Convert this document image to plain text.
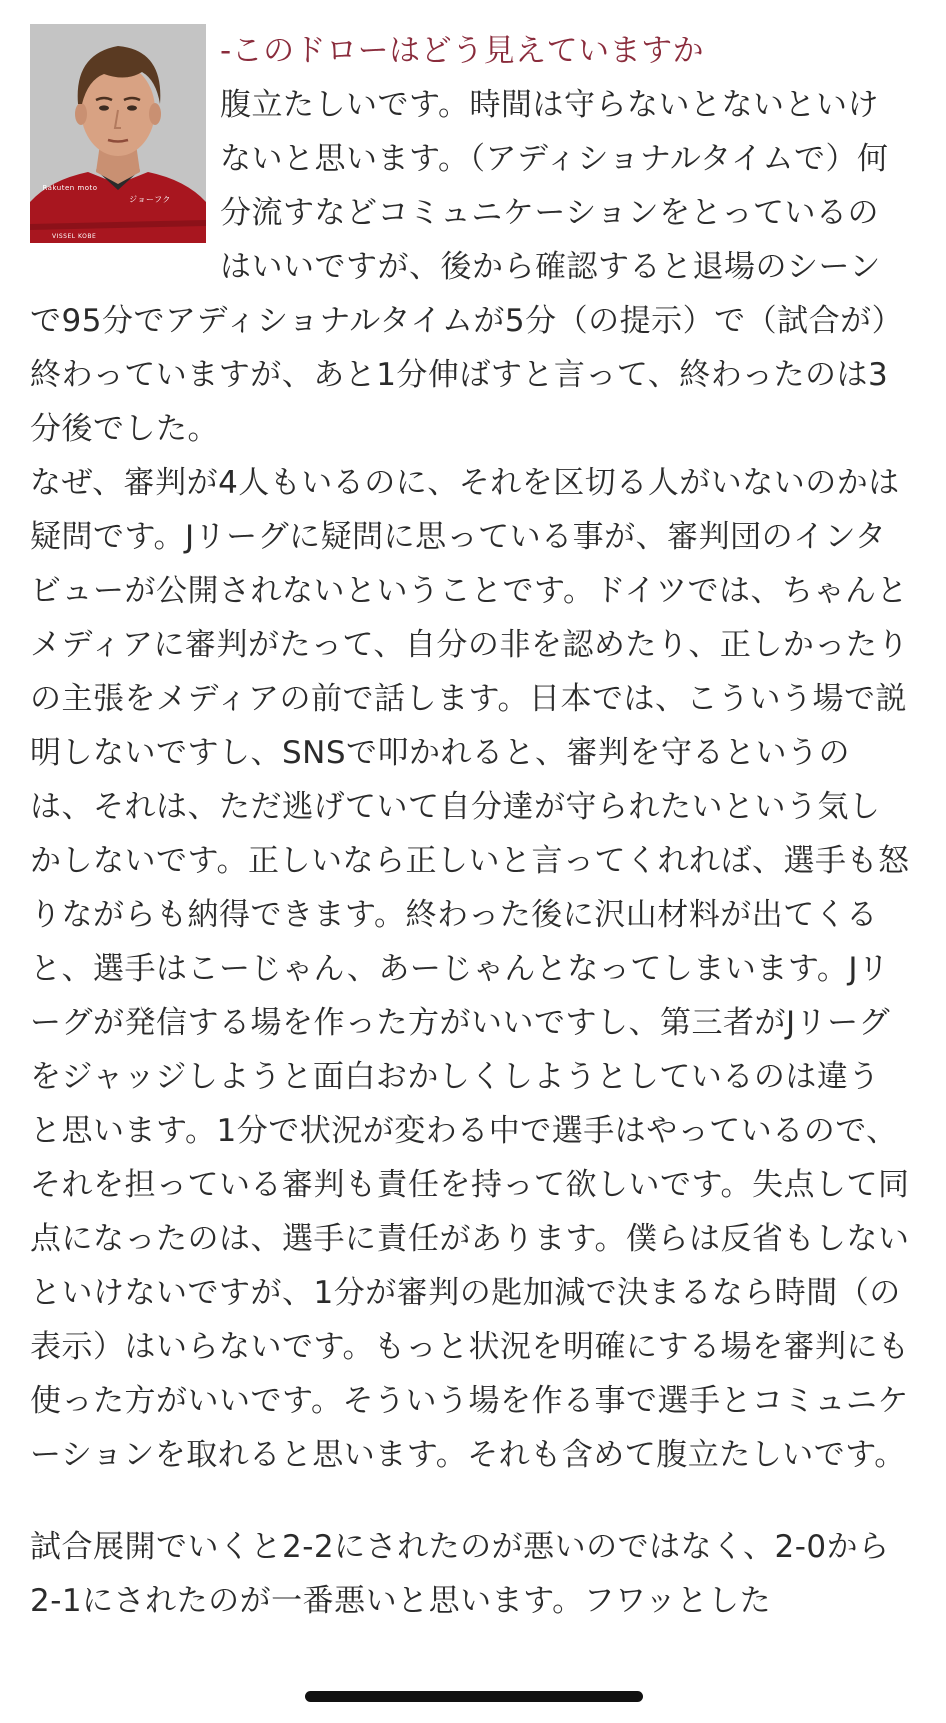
ジョーフク
Rakuten moto
VISSEL KOBE

-このドローはどう見えていますか

腹立たしいです。時間は守らないとないといけないと思います。（アディショナルタイムで）何分流すなどコミュニケーションをとっているのはいいですが、後から確認すると退場のシーンで95分でアディショナルタイムが5分（の提示）で（試合が）終わっていますが、あと1分伸ばすと言って、終わったのは3分後でした。

なぜ、審判が4人もいるのに、それを区切る人がいないのかは疑問です。Jリーグに疑問に思っている事が、審判団のインタビューが公開されないということです。ドイツでは、ちゃんとメディアに審判がたって、自分の非を認めたり、正しかったりの主張をメディアの前で話します。日本では、こういう場で説明しないですし、SNSで叩かれると、審判を守るというのは、それは、ただ逃げていて自分達が守られたいという気しかしないです。正しいなら正しいと言ってくれれば、選手も怒りながらも納得できます。終わった後に沢山材料が出てくると、選手はこーじゃん、あーじゃんとなってしまいます。Jリーグが発信する場を作った方がいいですし、第三者がJリーグをジャッジしようと面白おかしくしようとしているのは違うと思います。1分で状況が変わる中で選手はやっているので、それを担っている審判も責任を持って欲しいです。失点して同点になったのは、選手に責任があります。僕らは反省もしないといけないですが、1分が審判の匙加減で決まるなら時間（の表示）はいらないです。もっと状況を明確にする場を審判にも使った方がいいです。そういう場を作る事で選手とコミュニケーションを取れると思います。それも含めて腹立たしいです。

試合展開でいくと2-2にされたのが悪いのではなく、2-0から2-1にされたのが一番悪いと思います。フワッとした
